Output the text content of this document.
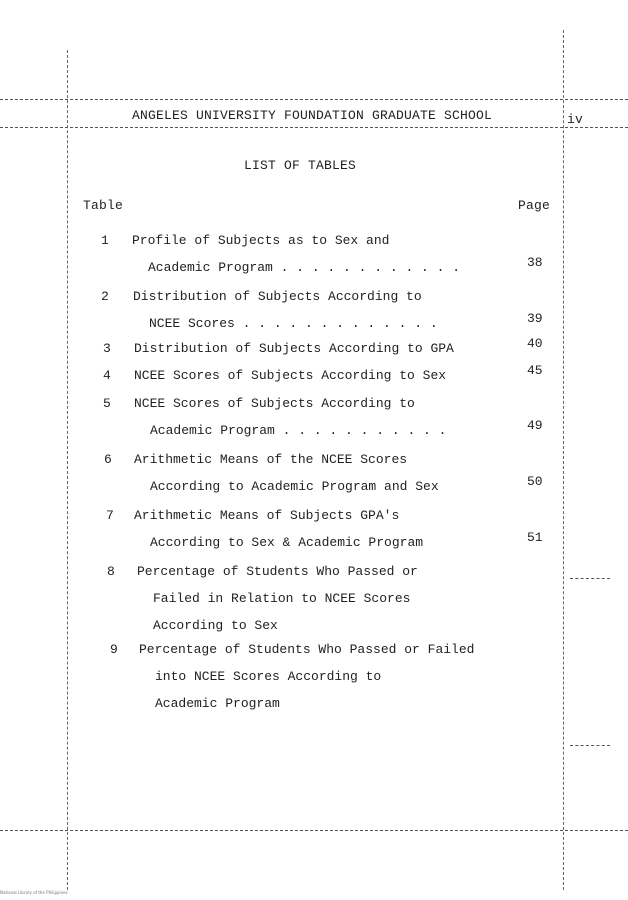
ANGELES UNIVERSITY FOUNDATION GRADUATE SCHOOL	iv
LIST OF TABLES
Table	Page
1	Profile of Subjects as to Sex and
Academic Program . . . . . . . . . . . .	38
2	Distribution of Subjects According to
NCEE Scores . . . . . . . . . . . . .	39
3	Distribution of Subjects According to GPA	40
4	NCEE Scores of Subjects According to Sex	45
5	NCEE Scores of Subjects According to
Academic Program . . . . . . . . . . .	49
6	Arithmetic Means of the NCEE Scores
According to Academic Program and Sex	50
7	Arithmetic Means of Subjects GPA's
According to Sex & Academic Program	51
8	Percentage of Students Who Passed or
Failed in Relation to NCEE Scores
According to Sex
9	Percentage of Students Who Passed or Failed
into NCEE Scores According to
Academic Program
National Library of the Philippines
